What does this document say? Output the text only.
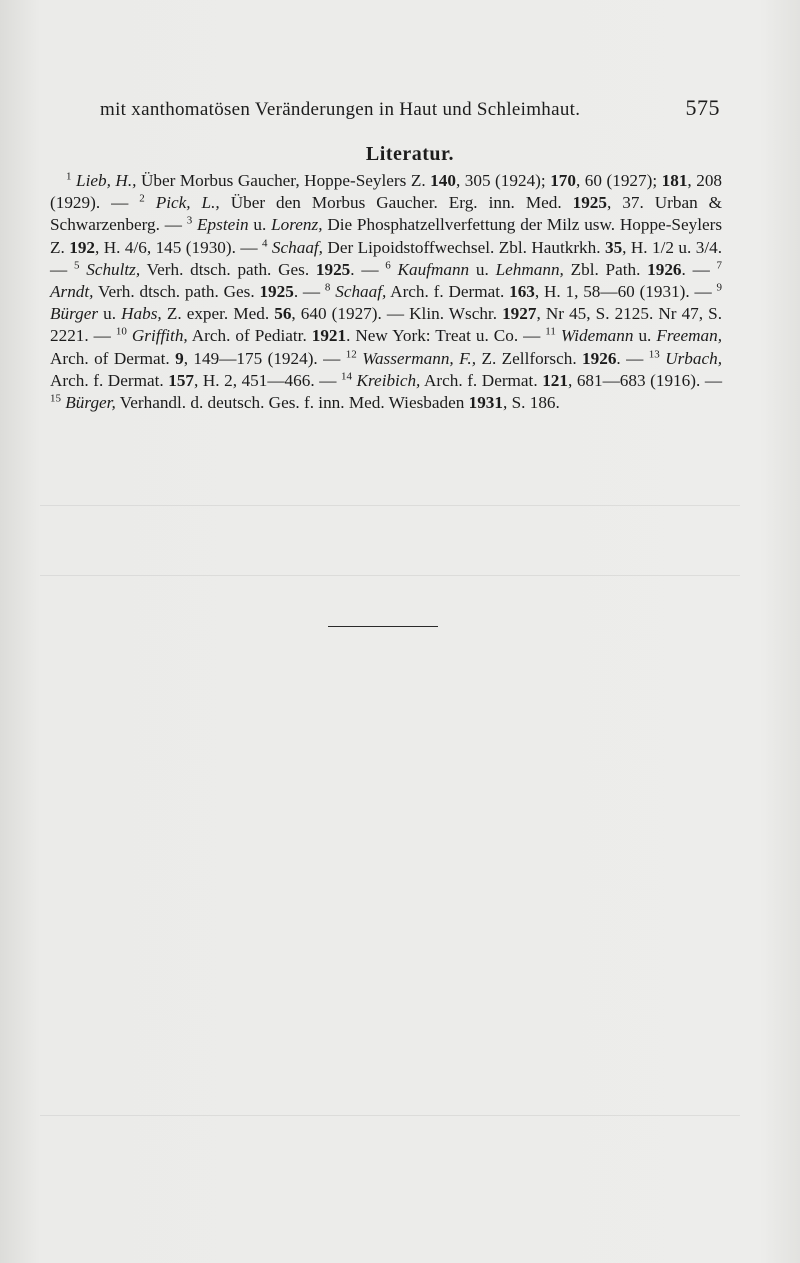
mit xanthomatösen Veränderungen in Haut und Schleimhaut.	575
Literatur.
$^1$ Lieb, H., Über Morbus Gaucher, Hoppe-Seylers Z. 140, 305 (1924); 170, 60 (1927); 181, 208 (1929). — $^2$ Pick, L., Über den Morbus Gaucher. Erg. inn. Med. 1925, 37. Urban & Schwarzenberg. — $^3$ Epstein u. Lorenz, Die Phosphatzellverfettung der Milz usw. Hoppe-Seylers Z. 192, H. 4/6, 145 (1930). — $^4$ Schaaf, Der Lipoidstoffwechsel. Zbl. Hautkrkh. 35, H. 1/2 u. 3/4. — $^5$ Schultz, Verh. dtsch. path. Ges. 1925. — $^6$ Kaufmann u. Lehmann, Zbl. Path. 1926. — $^7$ Arndt, Verh. dtsch. path. Ges. 1925. — $^8$ Schaaf, Arch. f. Dermat. 163, H. 1, 58—60 (1931). — $^9$ Bürger u. Habs, Z. exper. Med. 56, 640 (1927). — Klin. Wschr. 1927, Nr 45, S. 2125. Nr 47, S. 2221. — $^{10}$ Griffith, Arch. of Pediatr. 1921. New York: Treat u. Co. — $^{11}$ Widemann u. Freeman, Arch. of Dermat. 9, 149—175 (1924). — $^{12}$ Wassermann, F., Z. Zellforsch. 1926. — $^{13}$ Urbach, Arch. f. Dermat. 157, H. 2, 451—466. — $^{14}$ Kreibich, Arch. f. Dermat. 121, 681—683 (1916). — $^{15}$ Bürger, Verhandl. d. deutsch. Ges. f. inn. Med. Wiesbaden 1931, S. 186.
